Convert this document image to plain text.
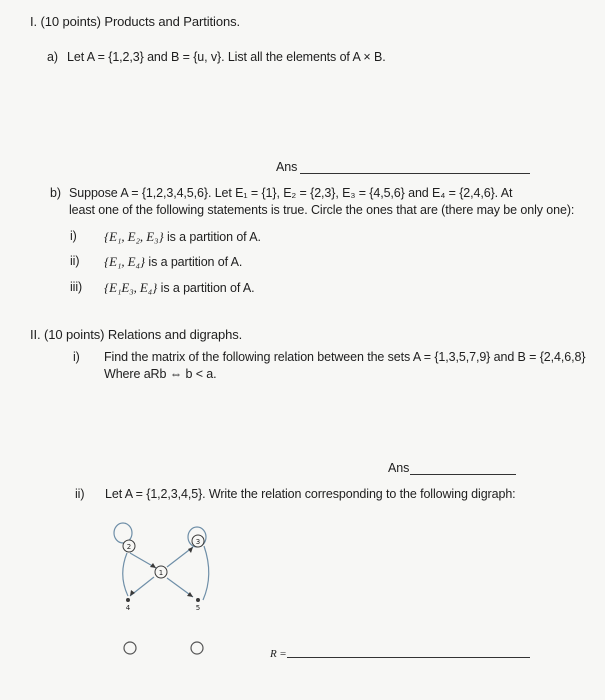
I. (10 points) Products and Partitions.
a) Let A = {1,2,3} and B = {u, v}. List all the elements of A × B.
Ans
b) Suppose A = {1,2,3,4,5,6}. Let E₁ = {1}, E₂ = {2,3}, E₃ = {4,5,6} and E₄ = {2,4,6}. At
least one of the following statements is true. Circle the ones that are (there may be only one):
i) {E₁, E₂, E₃} is a partition of A.
ii) {E₁, E₄} is a partition of A.
iii) {E₁E₃, E₄} is a partition of A.
II. (10 points) Relations and digraphs.
i) Find the matrix of the following relation between the sets A = {1,3,5,7,9} and B = {2,4,6,8}
Where aRb ⇔ b < a.
Ans
ii) Let A = {1,2,3,4,5}. Write the relation corresponding to the following digraph:
2
3
1
4	5
R =
